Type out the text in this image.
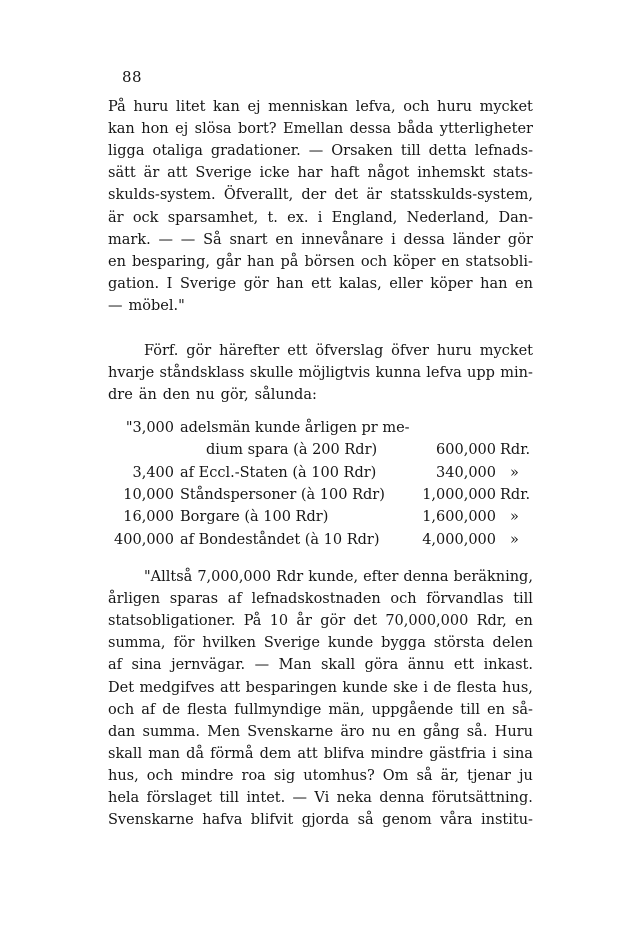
88
På huru litet kan ej menniskan lefva, och huru mycket
kan hon ej slösa bort? Emellan dessa båda ytterligheter
ligga otaliga gradationer. — Orsaken till detta lefnads-
sätt är att Sverige icke har haft något inhemskt stats-
skulds-system. Öfverallt, der det är statsskulds-system,
är ock sparsamhet, t. ex. i England, Nederland, Dan-
mark. — — Så snart en innevånare i dessa länder gör
en besparing, går han på börsen och köper en statsobli-
gation. I Sverige gör han ett kalas, eller köper han en
— möbel."
Förf. gör härefter ett öfverslag öfver huru mycket
hvarje ståndsklass skulle möjligtvis kunna lefva upp min-
dre än den nu gör, sålunda:
"3,000 adelsmän kunde årligen pr me-
dium spara (à 200 Rdr)	600,000 Rdr.
3,400 af Eccl.-Staten (à 100 Rdr)	340,000 »
10,000 Ståndspersoner (à 100 Rdr)	1,000,000 Rdr.
16,000 Borgare (à 100 Rdr)	1,600,000 »
400,000 af Bondeståndet (à 10 Rdr)	4,000,000 »
"Alltså 7,000,000 Rdr kunde, efter denna beräkning,
årligen sparas af lefnadskostnaden och förvandlas till
statsobligationer. På 10 år gör det 70,000,000 Rdr, en
summa, för hvilken Sverige kunde bygga största delen
af sina jernvägar. — Man skall göra ännu ett inkast.
Det medgifves att besparingen kunde ske i de flesta hus,
och af de flesta fullmyndige män, uppgående till en så-
dan summa. Men Svenskarne äro nu en gång så. Huru
skall man då förmå dem att blifva mindre gästfria i sina
hus, och mindre roa sig utomhus? Om så är, tjenar ju
hela förslaget till intet. — Vi neka denna förutsättning.
Svenskarne hafva blifvit gjorda så genom våra institu-
